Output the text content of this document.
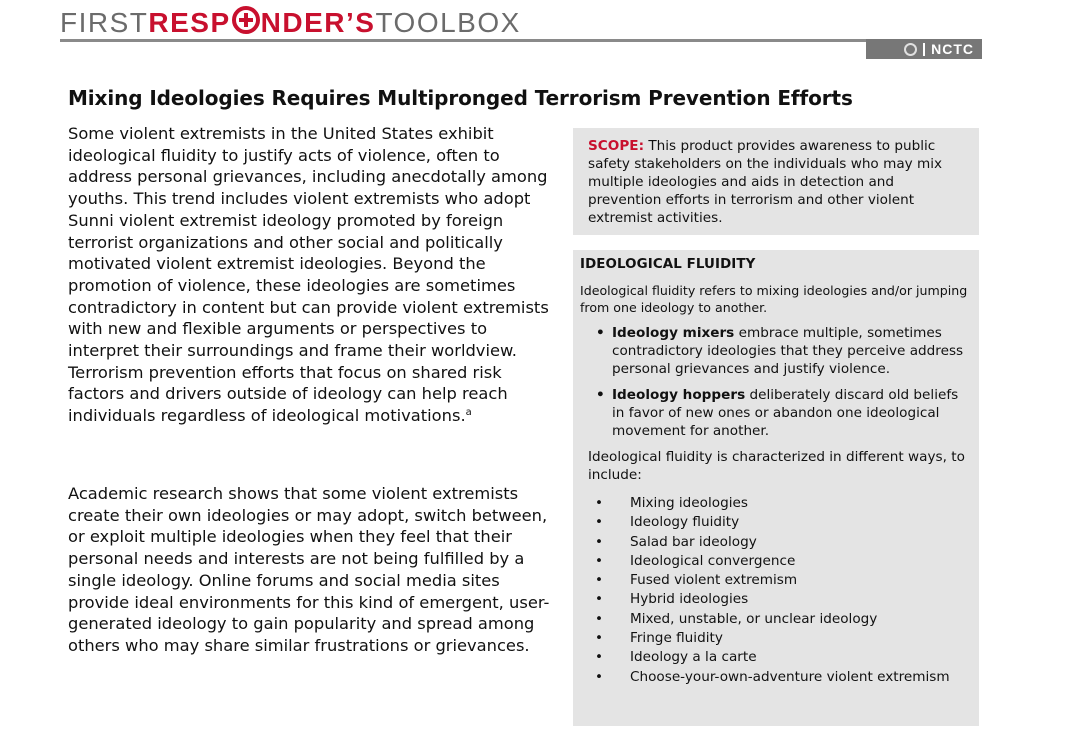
FIRSTRESP NDER’STOOLBOX
NCTC
Mixing Ideologies Requires Multipronged Terrorism Prevention Efforts

Some violent extremists in the United States exhibit ideological fluidity to justify acts of violence, often to address personal grievances, including anecdotally among youths. This trend includes violent extremists who adopt Sunni violent extremist ideology promoted by foreign terrorist organizations and other social and politically motivated violent extremist ideologies. Beyond the promotion of violence, these ideologies are sometimes contradictory in content but can provide violent extremists with new and flexible arguments or perspectives to interpret their surroundings and frame their worldview. Terrorism prevention efforts that focus on shared risk factors and drivers outside of ideology can help reach individuals regardless of ideological motivations.$^a$

Academic research shows that some violent extremists create their own ideologies or may adopt, switch between, or exploit multiple ideologies when they feel that their personal needs and interests are not being fulfilled by a single ideology. Online forums and social media sites provide ideal environments for this kind of emergent, user-generated ideology to gain popularity and spread among others who may share similar frustrations or grievances.

SCOPE: This product provides awareness to public safety stakeholders on the individuals who may mix multiple ideologies and aids in detection and prevention efforts in terrorism and other violent extremist activities.
IDEOLOGICAL FLUIDITY

Ideological fluidity refers to mixing ideologies and/or jumping from one ideology to another.

• Ideology mixers embrace multiple, sometimes contradictory ideologies that they perceive address personal grievances and justify violence.
• Ideology hoppers deliberately discard old beliefs in favor of new ones or abandon one ideological movement for another.

Ideological fluidity is characterized in different ways, to include:

• Mixing ideologies
• Ideology fluidity
• Salad bar ideology
• Ideological convergence
• Fused violent extremism
• Hybrid ideologies
• Mixed, unstable, or unclear ideology
• Fringe fluidity
• Ideology a la carte
• Choose-your-own-adventure violent extremism
